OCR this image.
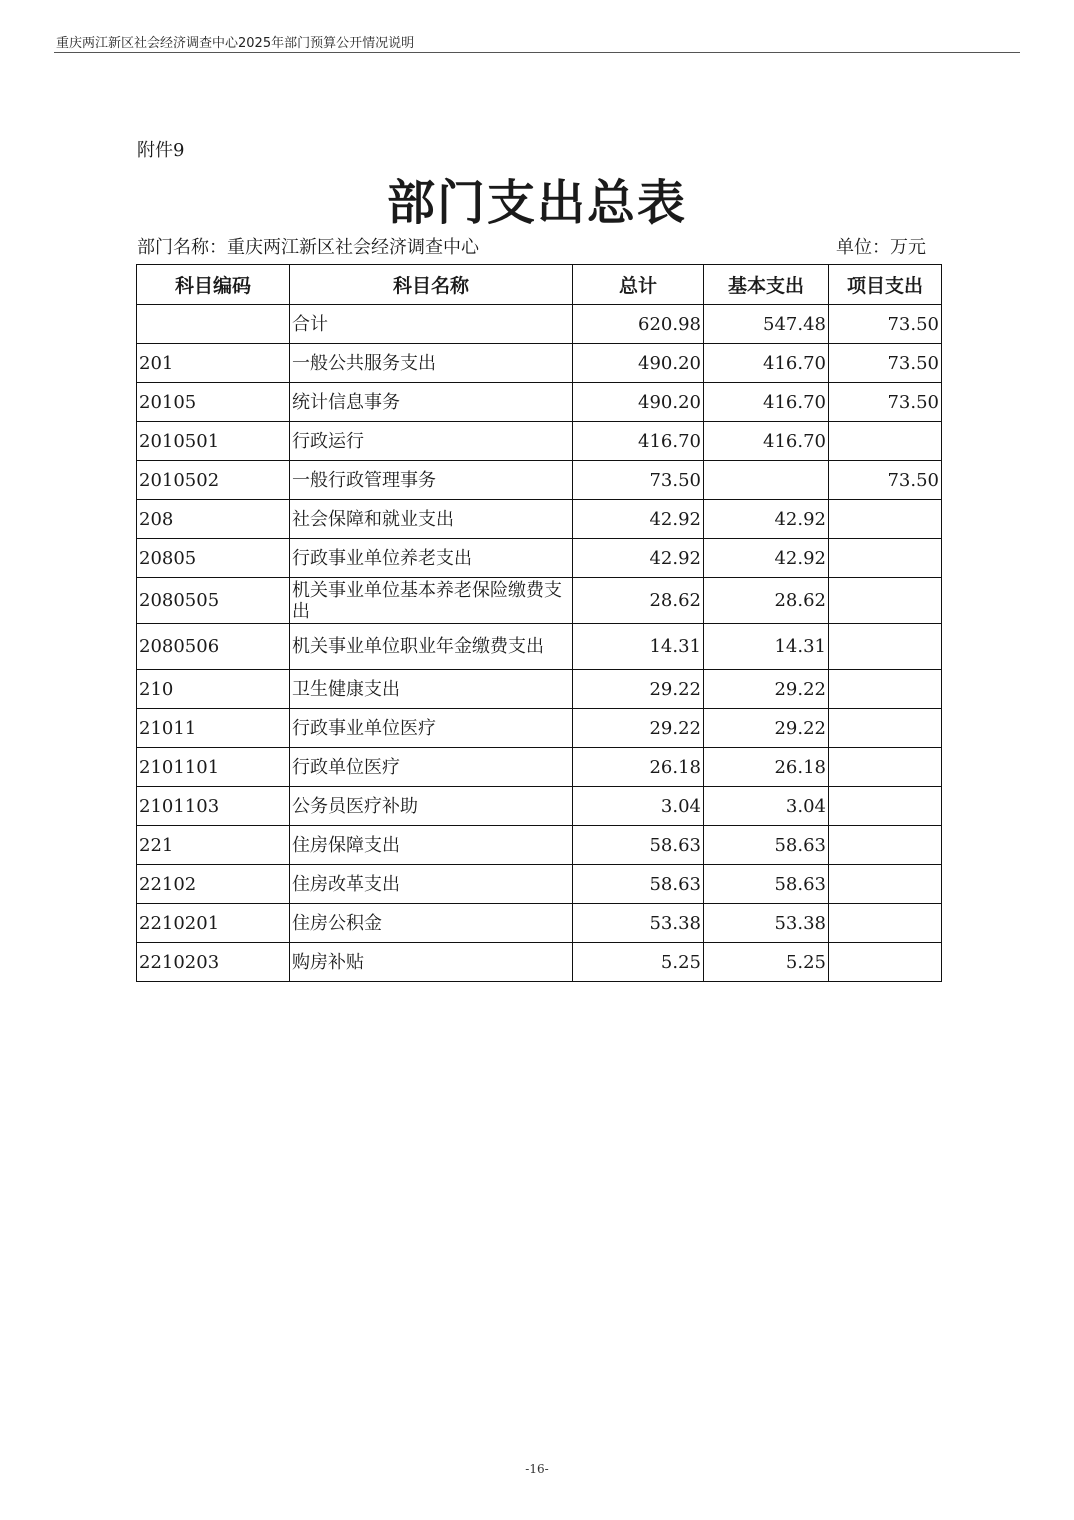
重庆两江新区社会经济调查中心2025年部门预算公开情况说明
附件9
部门支出总表
部门名称：重庆两江新区社会经济调查中心	单位：万元
科目编码	科目名称	总计	基本支出	项目支出
	合计	620.98	547.48	73.50
201	一般公共服务支出	490.20	416.70	73.50
20105	统计信息事务	490.20	416.70	73.50
2010501	行政运行	416.70	416.70	
2010502	一般行政管理事务	73.50		73.50
208	社会保障和就业支出	42.92	42.92	
20805	行政事业单位养老支出	42.92	42.92	
2080505	机关事业单位基本养老保险缴费支出	28.62	28.62	
2080506	机关事业单位职业年金缴费支出	14.31	14.31	
210	卫生健康支出	29.22	29.22	
21011	行政事业单位医疗	29.22	29.22	
2101101	行政单位医疗	26.18	26.18	
2101103	公务员医疗补助	3.04	3.04	
221	住房保障支出	58.63	58.63	
22102	住房改革支出	58.63	58.63	
2210201	住房公积金	53.38	53.38	
2210203	购房补贴	5.25	5.25	
-16-
